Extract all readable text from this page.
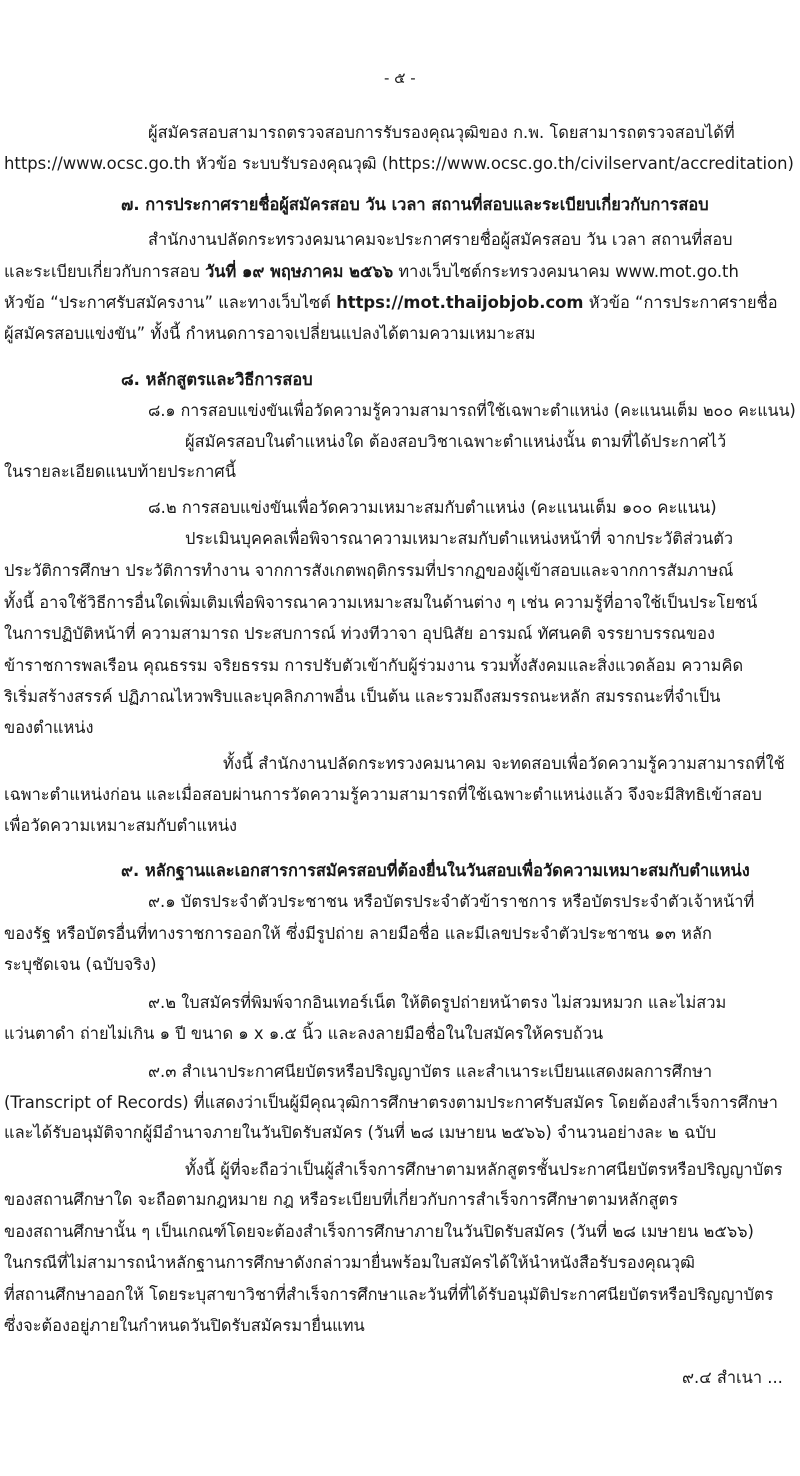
- ๕ -
ผู้สมัครสอบสามารถตรวจสอบการรับรองคุณวุฒิของ ก.พ. โดยสามารถตรวจสอบได้ที่
https://www.ocsc.go.th หัวข้อ ระบบรับรองคุณวุฒิ (https://www.ocsc.go.th/civilservant/accreditation)
๗. การประกาศรายชื่อผู้สมัครสอบ วัน เวลา สถานที่สอบและระเบียบเกี่ยวกับการสอบ
สำนักงานปลัดกระทรวงคมนาคมจะประกาศรายชื่อผู้สมัครสอบ วัน เวลา สถานที่สอบ
และระเบียบเกี่ยวกับการสอบ วันที่ ๑๙ พฤษภาคม ๒๕๖๖ ทางเว็บไซต์กระทรวงคมนาคม www.mot.go.th
หัวข้อ “ประกาศรับสมัครงาน” และทางเว็บไซต์ https://mot.thaijobjob.com หัวข้อ “การประกาศรายชื่อ
ผู้สมัครสอบแข่งขัน” ทั้งนี้ กำหนดการอาจเปลี่ยนแปลงได้ตามความเหมาะสม
๘. หลักสูตรและวิธีการสอบ
๘.๑ การสอบแข่งขันเพื่อวัดความรู้ความสามารถที่ใช้เฉพาะตำแหน่ง (คะแนนเต็ม ๒๐๐ คะแนน)
ผู้สมัครสอบในตำแหน่งใด ต้องสอบวิชาเฉพาะตำแหน่งนั้น ตามที่ได้ประกาศไว้
ในรายละเอียดแนบท้ายประกาศนี้
๘.๒ การสอบแข่งขันเพื่อวัดความเหมาะสมกับตำแหน่ง (คะแนนเต็ม ๑๐๐ คะแนน)
ประเมินบุคคลเพื่อพิจารณาความเหมาะสมกับตำแหน่งหน้าที่ จากประวัติส่วนตัว
ประวัติการศึกษา ประวัติการทำงาน จากการสังเกตพฤติกรรมที่ปรากฏของผู้เข้าสอบและจากการสัมภาษณ์
ทั้งนี้ อาจใช้วิธีการอื่นใดเพิ่มเติมเพื่อพิจารณาความเหมาะสมในด้านต่าง ๆ เช่น ความรู้ที่อาจใช้เป็นประโยชน์
ในการปฏิบัติหน้าที่ ความสามารถ ประสบการณ์ ท่วงทีวาจา อุปนิสัย อารมณ์ ทัศนคติ จรรยาบรรณของ
ข้าราชการพลเรือน คุณธรรม จริยธรรม การปรับตัวเข้ากับผู้ร่วมงาน รวมทั้งสังคมและสิ่งแวดล้อม ความคิด
ริเริ่มสร้างสรรค์ ปฏิภาณไหวพริบและบุคลิกภาพอื่น เป็นต้น และรวมถึงสมรรถนะหลัก สมรรถนะที่จำเป็น
ของตำแหน่ง
ทั้งนี้ สำนักงานปลัดกระทรวงคมนาคม จะทดสอบเพื่อวัดความรู้ความสามารถที่ใช้
เฉพาะตำแหน่งก่อน และเมื่อสอบผ่านการวัดความรู้ความสามารถที่ใช้เฉพาะตำแหน่งแล้ว จึงจะมีสิทธิเข้าสอบ
เพื่อวัดความเหมาะสมกับตำแหน่ง
๙. หลักฐานและเอกสารการสมัครสอบที่ต้องยื่นในวันสอบเพื่อวัดความเหมาะสมกับตำแหน่ง
๙.๑ บัตรประจำตัวประชาชน หรือบัตรประจำตัวข้าราชการ หรือบัตรประจำตัวเจ้าหน้าที่
ของรัฐ หรือบัตรอื่นที่ทางราชการออกให้ ซึ่งมีรูปถ่าย ลายมือชื่อ และมีเลขประจำตัวประชาชน ๑๓ หลัก
ระบุชัดเจน (ฉบับจริง)
๙.๒ ใบสมัครที่พิมพ์จากอินเทอร์เน็ต ให้ติดรูปถ่ายหน้าตรง ไม่สวมหมวก และไม่สวม
แว่นตาดำ ถ่ายไม่เกิน ๑ ปี ขนาด ๑ x ๑.๕ นิ้ว และลงลายมือชื่อในใบสมัครให้ครบถ้วน
๙.๓ สำเนาประกาศนียบัตรหรือปริญญาบัตร และสำเนาระเบียนแสดงผลการศึกษา
(Transcript of Records) ที่แสดงว่าเป็นผู้มีคุณวุฒิการศึกษาตรงตามประกาศรับสมัคร โดยต้องสำเร็จการศึกษา
และได้รับอนุมัติจากผู้มีอำนาจภายในวันปิดรับสมัคร (วันที่ ๒๘ เมษายน ๒๕๖๖) จำนวนอย่างละ ๒ ฉบับ
ทั้งนี้ ผู้ที่จะถือว่าเป็นผู้สำเร็จการศึกษาตามหลักสูตรชั้นประกาศนียบัตรหรือปริญญาบัตร
ของสถานศึกษาใด จะถือตามกฎหมาย กฎ หรือระเบียบที่เกี่ยวกับการสำเร็จการศึกษาตามหลักสูตร
ของสถานศึกษานั้น ๆ เป็นเกณฑ์โดยจะต้องสำเร็จการศึกษาภายในวันปิดรับสมัคร (วันที่ ๒๘ เมษายน ๒๕๖๖)
ในกรณีที่ไม่สามารถนำหลักฐานการศึกษาดังกล่าวมายื่นพร้อมใบสมัครได้ให้นำหนังสือรับรองคุณวุฒิ
ที่สถานศึกษาออกให้ โดยระบุสาขาวิชาที่สำเร็จการศึกษาและวันที่ที่ได้รับอนุมัติประกาศนียบัตรหรือปริญญาบัตร
ซึ่งจะต้องอยู่ภายในกำหนดวันปิดรับสมัครมายื่นแทน
๙.๔ สำเนา ...
